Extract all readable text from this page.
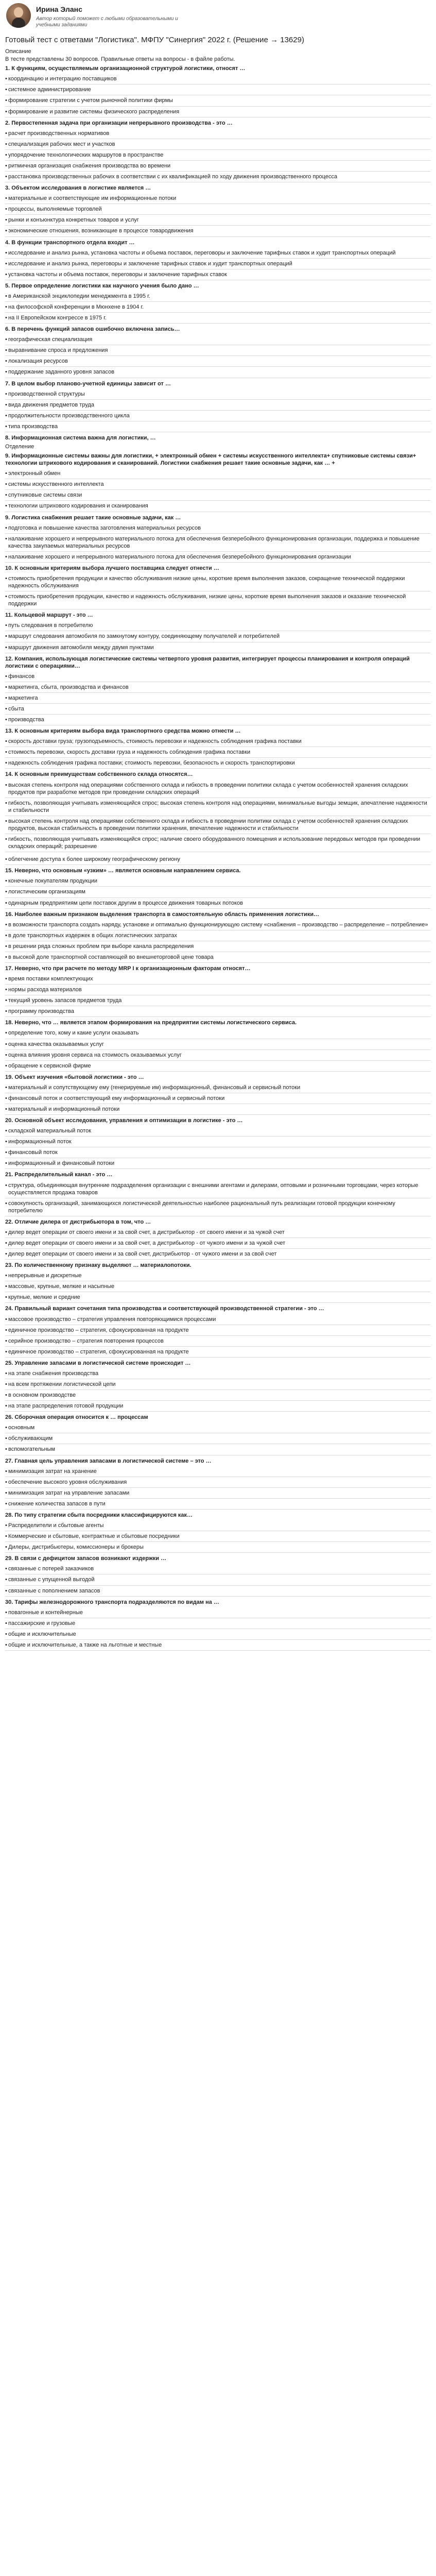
Ирина Эланс
Автор который поможет с любыми образовательными и
учебными заданиями
Готовый тест с ответами "Логистика". МФПУ "Синергия" 2022 г. (Решение → 13629)

Описание

В тесте представлены 30 вопросов. Правильные ответы на вопросы - в файле работы.

1. К функциям, осуществляемым организационной структурой логистики, относят …
• координацию и интеграцию поставщиков
• системное администрирование
• формирование стратегии с учетом рыночной политики фирмы
• формирование и развитие системы физического распределения
2. Первостепенная задача при организации непрерывного производства - это …
• расчет производственных нормативов
• специализация рабочих мест и участков
• упорядочение технологических маршрутов в пространстве
• ритмичная организация снабжения производства во времени
• расстановка производственных рабочих в соответствии с их квалификацией по ходу движения производственного процесса
3. Объектом исследования в логистике является …
• материальные и соответствующие им информационные потоки
• процессы, выполняемые торговлей
• рынки и конъюнктура конкретных товаров и услуг
• экономические отношения, возникающие в процессе товародвижения
4. В функции транспортного отдела входит …
• исследование и анализ рынка, установка частоты и объема поставок, переговоры и заключение тарифных ставок и худит транспортных операций
• исследование и анализ рынка, переговоры и заключение тарифных ставок и худит транспортных операций
• установка частоты и объема поставок, переговоры и заключение тарифных ставок
5. Первое определение логистики как научного учения было дано …
• в Американской энциклопедии менеджмента в 1995 г.
• на философской конференции в Мюнхене в 1904 г.
• на II Европейском конгрессе в 1975 г.
6. В перечень функций запасов ошибочно включена запись…
• географическая специализация
• выравнивание спроса и предложения
• локализация ресурсов
• поддержание заданного уровня запасов
7. В целом выбор планово-учетной единицы зависит от …
• производственной структуры
• вида движения предметов труда
• продолжительности производственного цикла
• типа производства
8. Информационная система важна для логистики, …
Отделение
9. Информационные системы важны для логистики, + электронный обмен + системы искусственного интеллекта+ спутниковые системы связи+ технологии штрихового кодирования и сканирований. Логистики снабжения решает такие основные задачи, как … +
• электронный обмен
• системы искусственного интеллекта
• спутниковые системы связи
• технологии штрихового кодирования и сканирования
9. Логистика снабжения решает такие основные задачи, как …
• подготовка и повышение качества заготовления материальных ресурсов
• налаживание хорошего и непрерывного материального потока для обеспечения безперебойного функционирования организации, поддержка и повышение качества закупаемых материальных ресурсов
• налаживание хорошего и непрерывного материального потока для обеспечения безперебойного функционирования организации
10. К основным критериям выбора лучшего поставщика следует отнести …
• стоимость приобретения продукции и качество обслуживания низкие цены, короткие время выполнения заказов, сокращение технической поддержки надежность обслуживания
• стоимость приобретения продукции, качество и надежность обслуживания, низкие цены, короткие время выполнения заказов и оказание технической поддержки
11. Кольцевой маршрут - это …
• путь следования в потребителю
• маршрут следования автомобиля по замкнутому контуру, соединяющему получателей и потребителей
• маршрут движения автомобиля между двумя пунктами
12. Компания, использующая логистические системы четвертого уровня развития, интегрирует процессы планирования и контроля операций логистики с операциями…
• финансов
• маркетинга, сбыта, производства и финансов
• маркетинга
• сбыта
• производства
13. К основным критериям выбора вида транспортного средства можно отнести …
• скорость доставки груза; грузоподъемность, стоимость перевозки и надежность соблюдения графика поставки
• стоимость перевозки, скорость доставки груза и надежность соблюдения графика поставки
• надежность соблюдения графика поставки; стоимость перевозки, безопасность и скорость транспортировки
14. К основным преимуществам собственного склада относятся…
• высокая степень контроля над операциями собственного склада и гибкость в проведении политики склада с учетом особенностей хранения складских продуктов при разработке методов при проведении складских операций
• гибкость, позволяющая учитывать изменяющийся спрос; высокая степень контроля над операциями, минимальные выгоды земщик, апечатление надежности и стабильности
• высокая степень контроля над операциями собственного склада и гибкость в проведении политики склада с учетом особенностей хранения складских продуктов, высокая стабильность в проведении политики хранения, впечатление надежности и стабильности
• гибкость, позволяющая учитывать изменяющийся спрос; наличие своего оборудованного помещения и использование передовых методов при проведении складских операций; разрешение
• облегчение доступа к более широкому географическому региону
15. Неверно, что основным «узким» … является основным направлением сервиса.
• конечные покупателям продукции
• логистическим организациям
• одинарным предприятиям цепи поставок другим в процессе движения товарных потоков
16. Наиболее важным признаком выделения транспорта в самостоятельную область применения логистики…
• в возможности транспорта создать наряду, установке и оптимально функционирующую систему «снабжения – производство – распределение – потребление»
• в доле транспортных издержек в общих логистических затратах
• в решении ряда сложных проблем при выборе канала распределения
• в высокой доле транспортной составляющей во внешнеторговой цене товара
17. Неверно, что при расчете по методу MRP I к организационным факторам относят…
• время поставки комплектующих
• нормы расхода материалов
• текущий уровень запасов предметов труда
• программу производства
18. Неверно, что … является этапом формирования на предприятии системы логистического сервиса.
• определение того, кому и какие услуги оказывать
• оценка качества оказываемых услуг
• оценка влияния уровня сервиса на стоимость оказываемых услуг
• обращение к сервисной фирме
19. Объект изучения «бытовой логистики - это …
• материальный и сопутствующему ему (генерируемые им) информационный, финансовый и сервисный потоки
• финансовый поток и соответствующий ему информационный и сервисный потоки
• материальный и информационный потоки
20. Основной объект исследования, управления и оптимизации в логистике - это …
• складской материальный поток
• информационный поток
• финансовый поток
• информационный и финансовый потоки
21. Распределительный канал - это …
• структура, объединяющая внутренние подразделения организации с внешними агентами и дилерами, оптовыми и розничными торговцами, через которые осуществляется продажа товаров
• совокупность организаций, занимающихся логистической деятельностью наиболее рациональный путь реализации готовой продукции конечному потребителю
22. Отличие дилера от дистрибьютора в том, что …
• дилер ведет операции от своего имени и за свой счет, а дистрибьютор - от своего имени и за чужой счет
• дилер ведет операции от своего имени и за свой счет, а дистрибьютор - от чужого имени и за чужой счет
• дилер ведет операции от своего имени и за свой счет, дистрибьютор - от чужого имени и за свой счет
23. По количественному признаку выделяют … материалопотоки.
• непрерывные и дискретные
• массовые, крупные, мелкие и насыпные
• крупные, мелкие и средние
24. Правильный вариант сочетания типа производства и соответствующей производственной стратегии - это …
• массовое производство – стратегия управления повторяющимися процессами
• единичное производство – стратегия, сфокусированная на продукте
• серийное производство – стратегия повторения процессов
• единичное производство – стратегия, сфокусированная на продукте
25. Управление запасами в логистической системе происходит …
• на этапе снабжения производства
• на всем протяжении логистической цепи
• в основном производстве
• на этапе распределения готовой продукции
26. Сборочная операция относится к … процессам
• основным
• обслуживающим
• вспомогательным
27. Главная цель управления запасами в логистической системе – это …
• минимизация затрат на хранение
• обеспечение высокого уровня обслуживания
• минимизация затрат на управление запасами
• снижение количества запасов в пути
28. По типу стратегии сбыта посредники классифицируются как…
• Распределители и сбытовые агенты
• Коммерческие и сбытовые, контрактные и сбытовые посредники
• Дилеры, дистрибьютеры, комиссионеры и брокеры
29. В связи с дефицитом запасов возникают издержки …
• связанные с потерей заказчиков
• связанные с упущенной выгодой
• связанные с пополнением запасов
30. Тарифы железнодорожного транспорта подразделяются по видам на …
• повагонные и контейнерные
• пассажирские и грузовые
• общие и исключительные
• общие и исключительные, а также на льготные и местные
